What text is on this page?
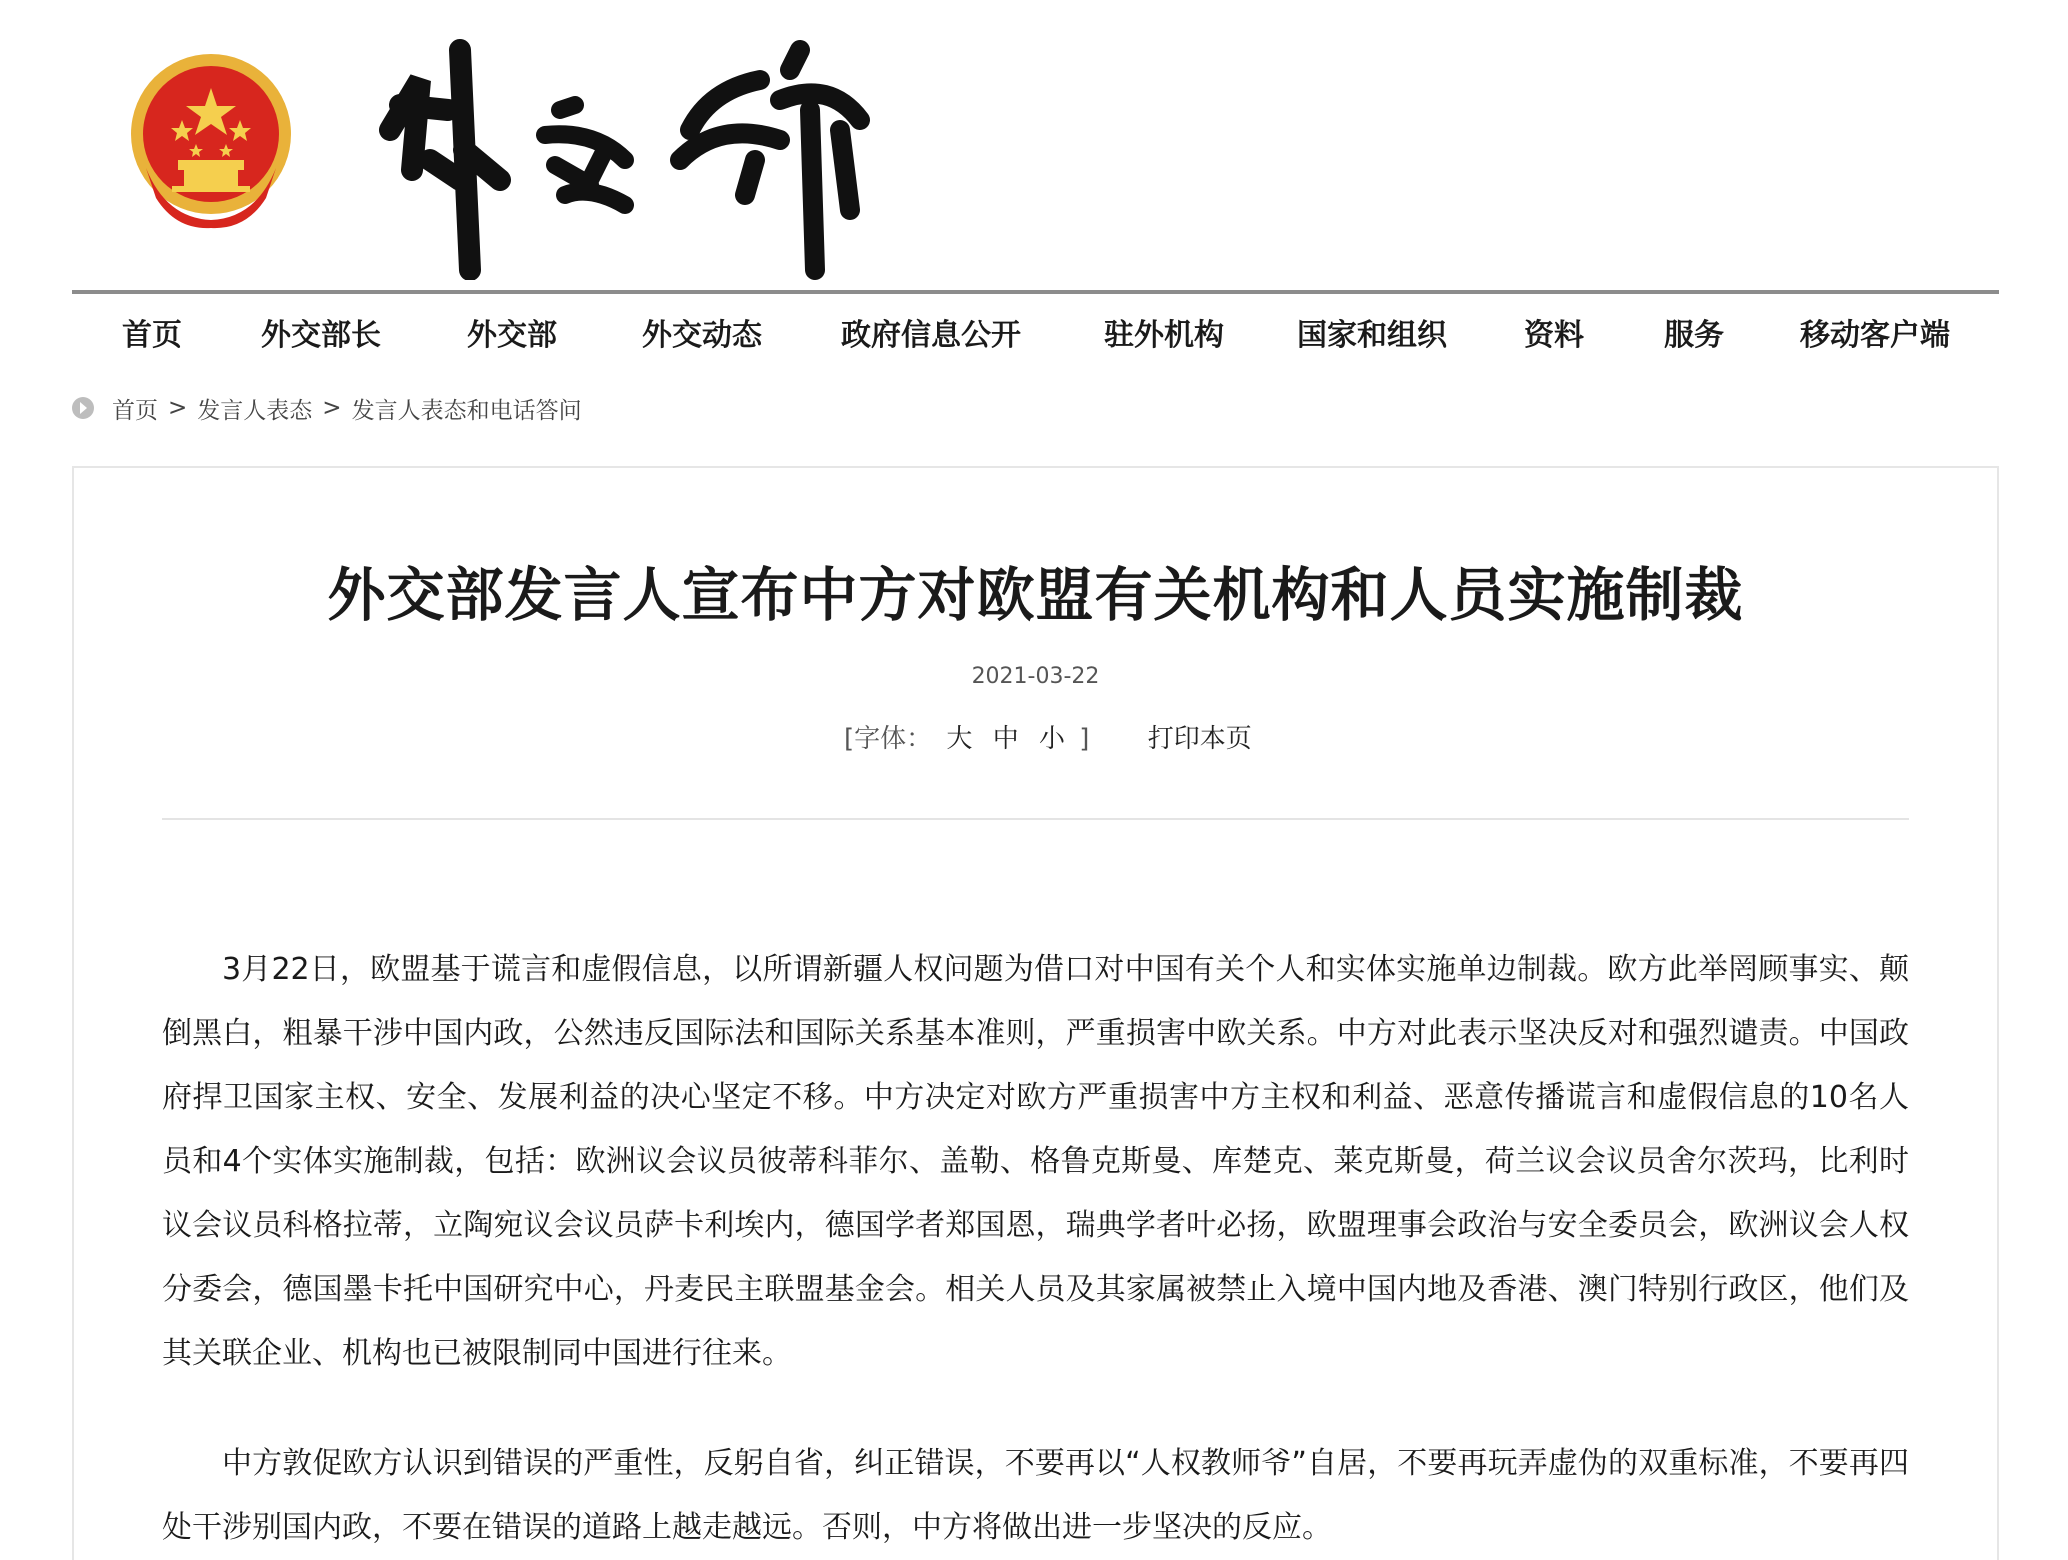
首页	外交部长	外交部	外交动态	政府信息公开	驻外机构 国家和组织	资料	服务	移动客户端
首页 > 发言人表态 > 发言人表态和电话答问
外交部发言人宣布中方对欧盟有关机构和人员实施制裁
2021-03-22
[字体： 大 中 小 ] 打印本页

3月22日，欧盟基于谎言和虚假信息，以所谓新疆人权问题为借口对中国有关个人和实体实施单边制裁。欧方此举罔顾事实、颠倒黑白，粗暴干涉中国内政，公然违反国际法和国际关系基本准则，严重损害中欧关系。中方对此表示坚决反对和强烈谴责。中国政府捍卫国家主权、安全、发展利益的决心坚定不移。中方决定对欧方严重损害中方主权和利益、恶意传播谎言和虚假信息的10名人员和4个实体实施制裁，包括：欧洲议会议员彼蒂科菲尔、盖勒、格鲁克斯曼、库楚克、莱克斯曼，荷兰议会议员舍尔茨玛，比利时议会议员科格拉蒂，立陶宛议会议员萨卡利埃内，德国学者郑国恩，瑞典学者叶必扬，欧盟理事会政治与安全委员会，欧洲议会人权分委会，德国墨卡托中国研究中心，丹麦民主联盟基金会。相关人员及其家属被禁止入境中国内地及香港、澳门特别行政区，他们及其关联企业、机构也已被限制同中国进行往来。

中方敦促欧方认识到错误的严重性，反躬自省，纠正错误，不要再以“人权教师爷”自居，不要再玩弄虚伪的双重标准，不要再四处干涉别国内政，不要在错误的道路上越走越远。否则，中方将做出进一步坚决的反应。
